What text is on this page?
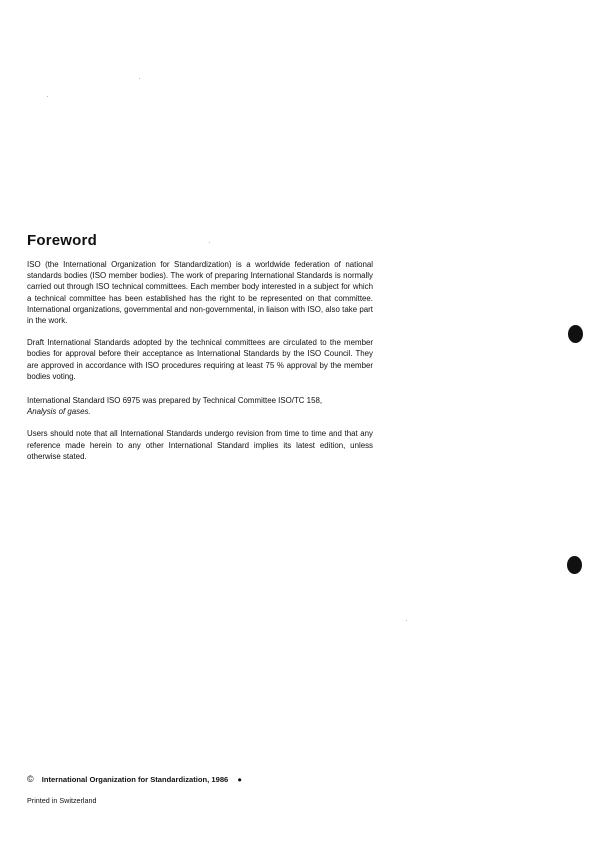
Foreword

ISO (the International Organization for Standardization) is a worldwide federation of national standards bodies (ISO member bodies). The work of preparing International Standards is normally carried out through ISO technical committees. Each member body interested in a subject for which a technical committee has been established has the right to be represented on that committee. International organizations, governmental and non-governmental, in liaison with ISO, also take part in the work.

Draft International Standards adopted by the technical committees are circulated to the member bodies for approval before their acceptance as International Standards by the ISO Council. They are approved in accordance with ISO procedures requiring at least 75 % approval by the member bodies voting.

International Standard ISO 6975 was prepared by Technical Committee ISO/TC 158,
Analysis of gases.

Users should note that all International Standards undergo revision from time to time and that any reference made herein to any other International Standard implies its latest edition, unless otherwise stated.

© International Organization for Standardization, 1986 ●
Printed in Switzerland
